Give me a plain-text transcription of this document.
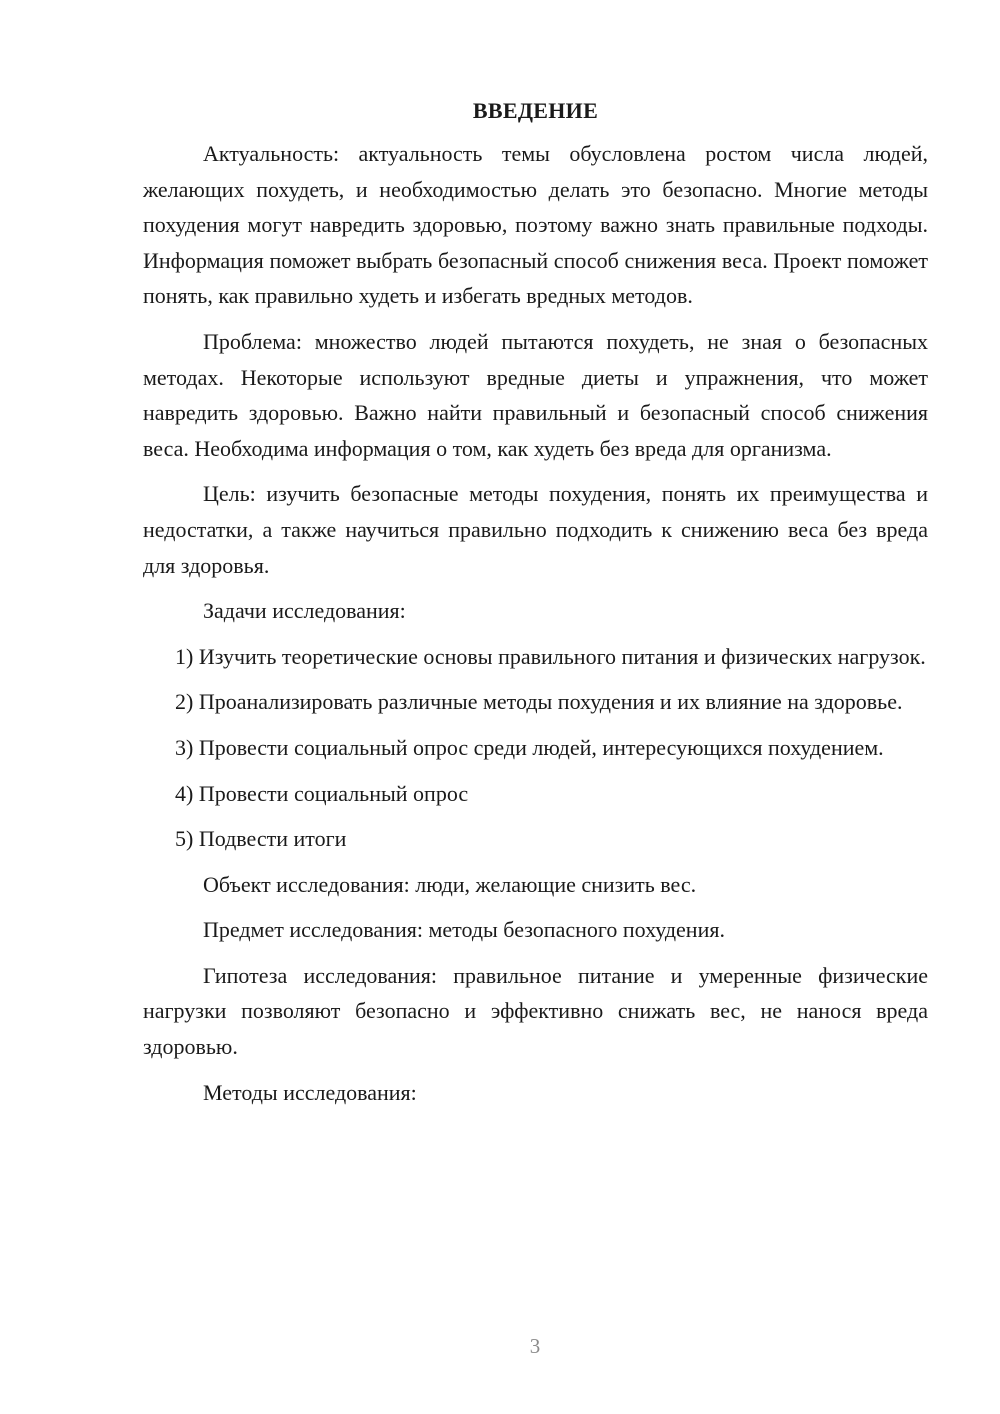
ВВЕДЕНИЕ

Актуальность: актуальность темы обусловлена ростом числа людей, желающих похудеть, и необходимостью делать это безопасно. Многие методы похудения могут навредить здоровью, поэтому важно знать правильные подходы. Информация поможет выбрать безопасный способ снижения веса. Проект поможет понять, как правильно худеть и избегать вредных методов.

Проблема: множество людей пытаются похудеть, не зная о безопасных методах. Некоторые используют вредные диеты и упражнения, что может навредить здоровью. Важно найти правильный и безопасный способ снижения веса. Необходима информация о том, как худеть без вреда для организма.

Цель: изучить безопасные методы похудения, понять их преимущества и недостатки, а также научиться правильно подходить к снижению веса без вреда для здоровья.

Задачи исследования:

1) Изучить теоретические основы правильного питания и физических нагрузок.

2) Проанализировать различные методы похудения и их влияние на здоровье.

3) Провести социальный опрос среди людей, интересующихся похудением.

4) Провести социальный опрос

5) Подвести итоги

Объект исследования: люди, желающие снизить вес.

Предмет исследования: методы безопасного похудения.

Гипотеза исследования: правильное питание и умеренные физические нагрузки позволяют безопасно и эффективно снижать вес, не нанося вреда здоровью.

Методы исследования:

3
